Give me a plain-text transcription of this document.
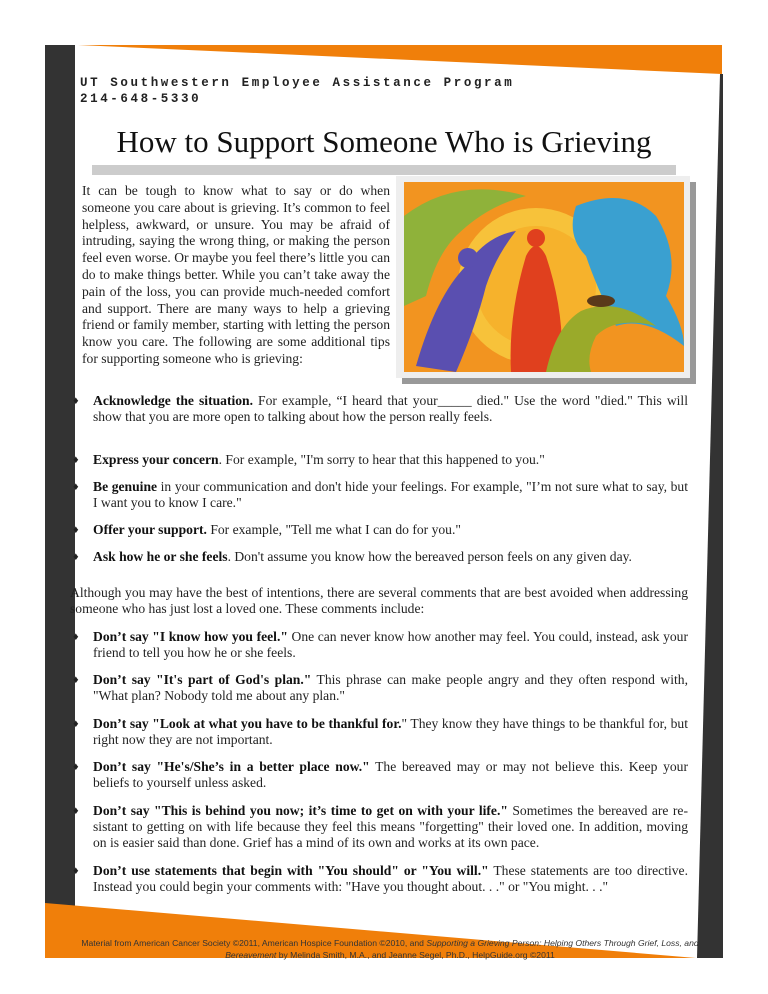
UT Southwestern Employee Assistance Program
214-648-5330
How to Support Someone Who is Grieving
It can be tough to know what to say or do when someone you care about is grieving. It’s common to feel helpless, awkward, or unsure. You may be afraid of intruding, saying the wrong thing, or making the person feel even worse. Or maybe you feel there’s little you can do to make things better. While you can’t take away the pain of the loss, you can provide much-needed comfort and support. There are many ways to help a grieving friend or family member, starting with letting the person know you care. The following are some additional tips for supporting someone who is grieving:
♦ Acknowledge the situation. For example, “I heard that your_____ died." Use the word "died." This will show that you are more open to talking about how the person really feels.
♦ Express your concern. For example, "I'm sorry to hear that this happened to you."
♦ Be genuine in your communication and don't hide your feelings. For example, "I’m not sure what to say, but I want you to know I care."
♦ Offer your support. For example, "Tell me what I can do for you."
♦ Ask how he or she feels. Don't assume you know how the bereaved person feels on any given day.
Although you may have the best of intentions, there are several comments that are best avoided when addressing someone who has just lost a loved one. These comments include:
♦ Don’t say "I know how you feel." One can never know how another may feel. You could, instead, ask your friend to tell you how he or she feels.
♦ Don’t say "It's part of God's plan." This phrase can make people angry and they often respond with, "What plan? Nobody told me about any plan."
♦ Don’t say "Look at what you have to be thankful for." They know they have things to be thankful for, but right now they are not important.
♦ Don’t say "He's/She’s in a better place now." The bereaved may or may not believe this. Keep your beliefs to yourself unless asked.
♦ Don’t say "This is behind you now; it’s time to get on with your life." Sometimes the bereaved are re-sistant to getting on with life because they feel this means "forgetting" their loved one. In addition, moving on is easier said than done. Grief has a mind of its own and works at its own pace.
♦ Don’t use statements that begin with "You should" or "You will." These statements are too directive. Instead you could begin your comments with: "Have you thought about. . ." or "You might. . ."
Material from American Cancer Society ©2011, American Hospice Foundation ©2010, and Supporting a Grieving Person: Helping Others Through Grief, Loss, and Bereavement by Melinda Smith, M.A., and Jeanne Segel, Ph.D., HelpGuide.org ©2011
